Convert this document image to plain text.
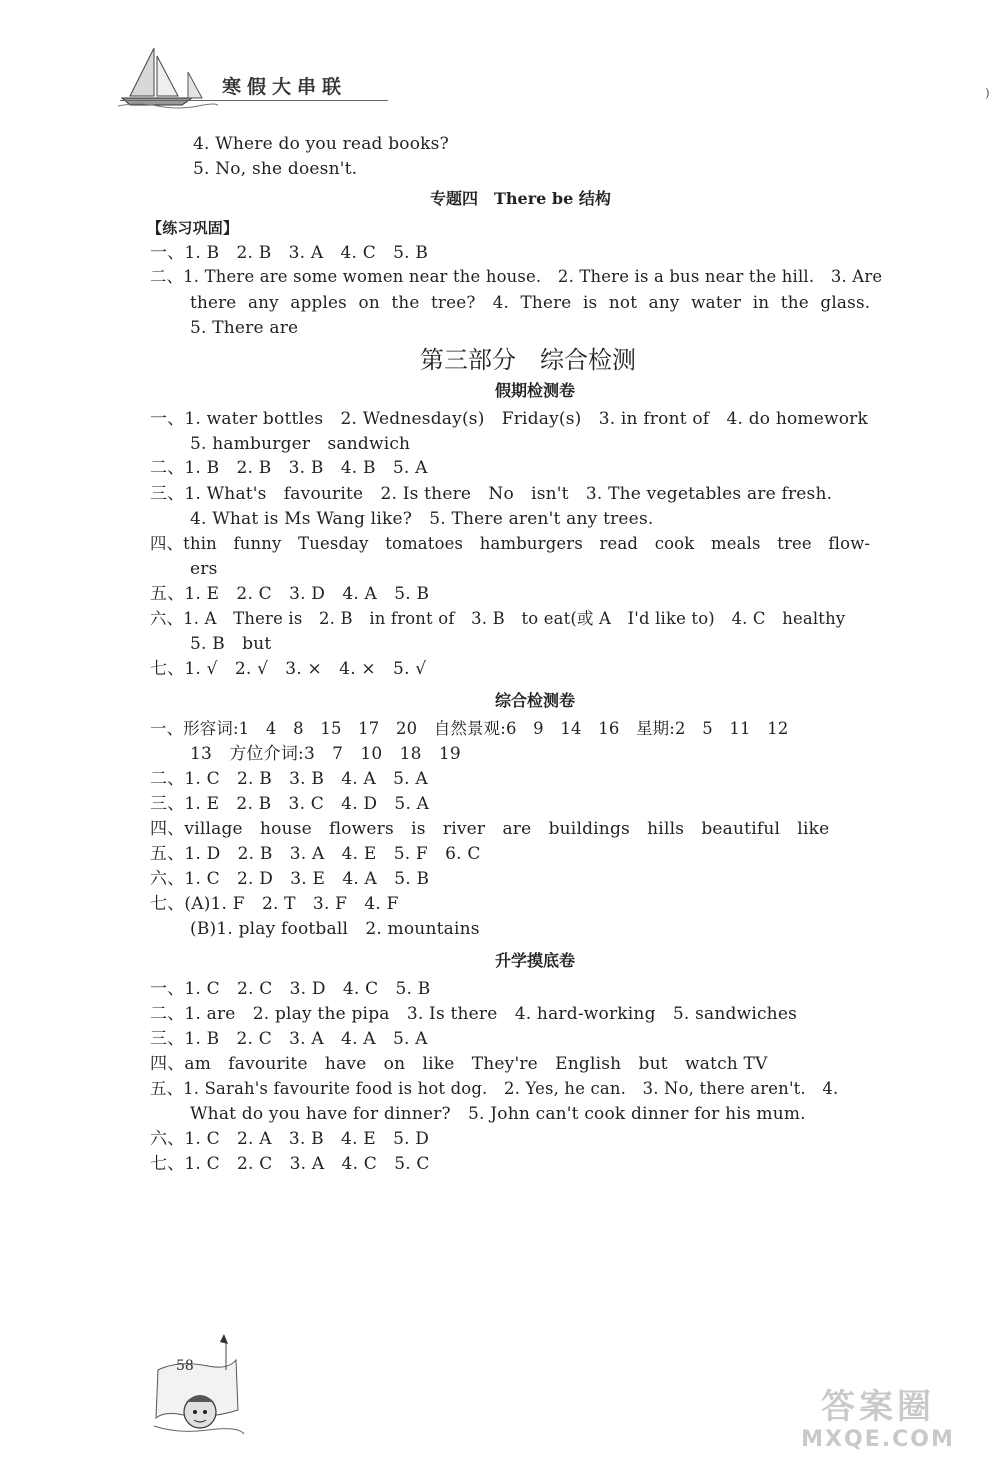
寒假大串联	)
4. Where do you read books?
5. No, she doesn't.
专题四　There be 结构
【练习巩固】
一、1. B　2. B　3. A　4. C　5. B
二、1. There are some women near the house.　2. There is a bus near the hill.　3. Are
there any apples on the tree?　4. There is not any water in the glass.
5. There are
第三部分　综合检测
假期检测卷
一、1. water bottles　2. Wednesday(s)　Friday(s)　3. in front of　4. do homework
5. hamburger　sandwich
二、1. B　2. B　3. B　4. B　5. A
三、1. What's　favourite　2. Is there　No　isn't　3. The vegetables are fresh.
4. What is Ms Wang like?　5. There aren't any trees.
四、thin　funny　Tuesday　tomatoes　hamburgers　read　cook　meals　tree　flow-
ers
五、1. E　2. C　3. D　4. A　5. B
六、1. A　There is　2. B　in front of　3. B　to eat(或 A　I'd like to)　4. C　healthy
5. B　but
七、1. √　2. √　3. ×　4. ×　5. √
综合检测卷
一、形容词:1　4　8　15　17　20　自然景观:6　9　14　16　星期:2　5　11　12
13　方位介词:3　7　10　18　19
二、1. C　2. B　3. B　4. A　5. A
三、1. E　2. B　3. C　4. D　5. A
四、village　house　flowers　is　river　are　buildings　hills　beautiful　like
五、1. D　2. B　3. A　4. E　5. F　6. C
六、1. C　2. D　3. E　4. A　5. B
七、(A)1. F　2. T　3. F　4. F
(B)1. play football　2. mountains
升学摸底卷
一、1. C　2. C　3. D　4. C　5. B
二、1. are　2. play the pipa　3. Is there　4. hard-working　5. sandwiches
三、1. B　2. C　3. A　4. A　5. A
四、am　favourite　have　on　like　They're　English　but　watch TV
五、1. Sarah's favourite food is hot dog.　2. Yes, he can.　3. No, there aren't.　4.
What do you have for dinner?　5. John can't cook dinner for his mum.
六、1. C　2. A　3. B　4. E　5. D
七、1. C　2. C　3. A　4. C　5. C
58
答案圈
MXQE.COM
